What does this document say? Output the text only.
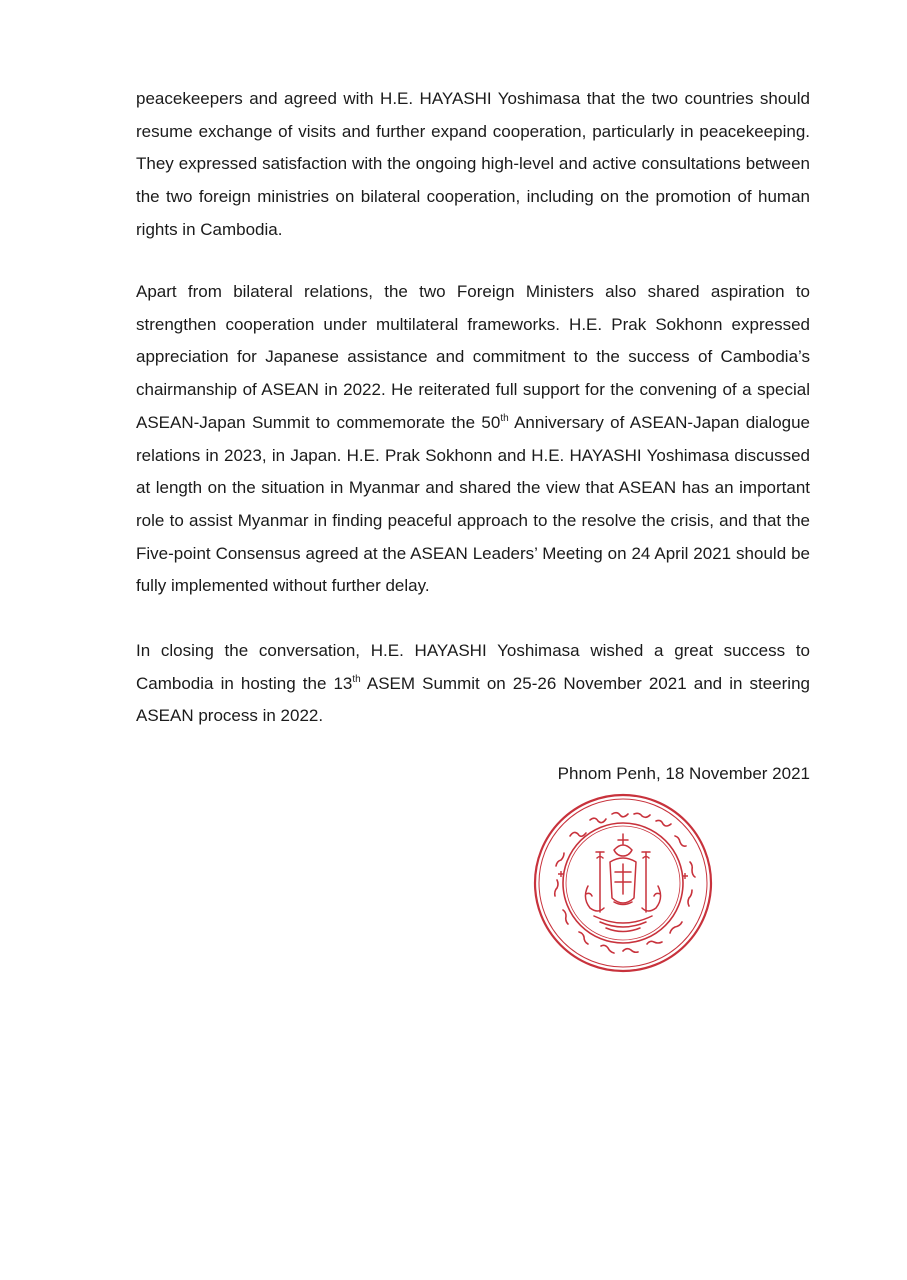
peacekeepers and agreed with H.E. HAYASHI Yoshimasa that the two countries should resume exchange of visits and further expand cooperation, particularly in peacekeeping. They expressed satisfaction with the ongoing high-level and active consultations between the two foreign ministries on bilateral cooperation, including on the promotion of human rights in Cambodia.

Apart from bilateral relations, the two Foreign Ministers also shared aspiration to strengthen cooperation under multilateral frameworks. H.E. Prak Sokhonn expressed appreciation for Japanese assistance and commitment to the success of Cambodia’s chairmanship of ASEAN in 2022. He reiterated full support for the convening of a special ASEAN-Japan Summit to commemorate the 50th Anniversary of ASEAN-Japan dialogue relations in 2023, in Japan. H.E. Prak Sokhonn and H.E. HAYASHI Yoshimasa discussed at length on the situation in Myanmar and shared the view that ASEAN has an important role to assist Myanmar in finding peaceful approach to the resolve the crisis, and that the Five-point Consensus agreed at the ASEAN Leaders’ Meeting on 24 April 2021 should be fully implemented without further delay.

In closing the conversation, H.E. HAYASHI Yoshimasa wished a great success to Cambodia in hosting the 13th ASEM Summit on 25-26 November 2021 and in steering ASEAN process in 2022.

Phnom Penh, 18 November 2021
